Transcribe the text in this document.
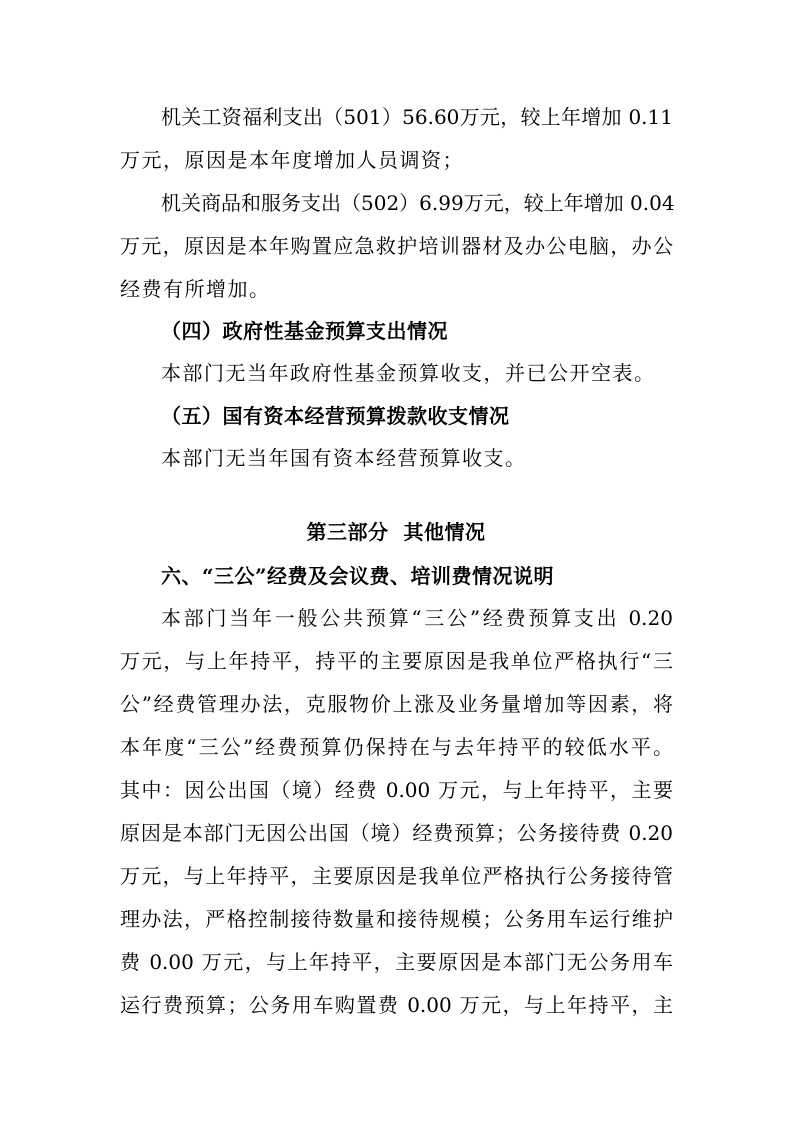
机关工资福利支出（501）56.60万元，较上年增加 0.11
万元，原因是本年度增加人员调资；
机关商品和服务支出（502）6.99万元，较上年增加 0.04
万元，原因是本年购置应急救护培训器材及办公电脑，办公
经费有所增加。
（四）政府性基金预算支出情况
本部门无当年政府性基金预算收支，并已公开空表。
（五）国有资本经营预算拨款收支情况
本部门无当年国有资本经营预算收支。
第三部分  其他情况
六、“三公”经费及会议费、培训费情况说明
本部门当年一般公共预算“三公”经费预算支出 0.20
万元，与上年持平，持平的主要原因是我单位严格执行“三
公”经费管理办法，克服物价上涨及业务量增加等因素，将
本年度“三公”经费预算仍保持在与去年持平的较低水平。
其中：因公出国（境）经费 0.00 万元，与上年持平，主要
原因是本部门无因公出国（境）经费预算；公务接待费 0.20
万元，与上年持平，主要原因是我单位严格执行公务接待管
理办法，严格控制接待数量和接待规模；公务用车运行维护
费 0.00 万元，与上年持平，主要原因是本部门无公务用车
运行费预算；公务用车购置费 0.00 万元，与上年持平，主
